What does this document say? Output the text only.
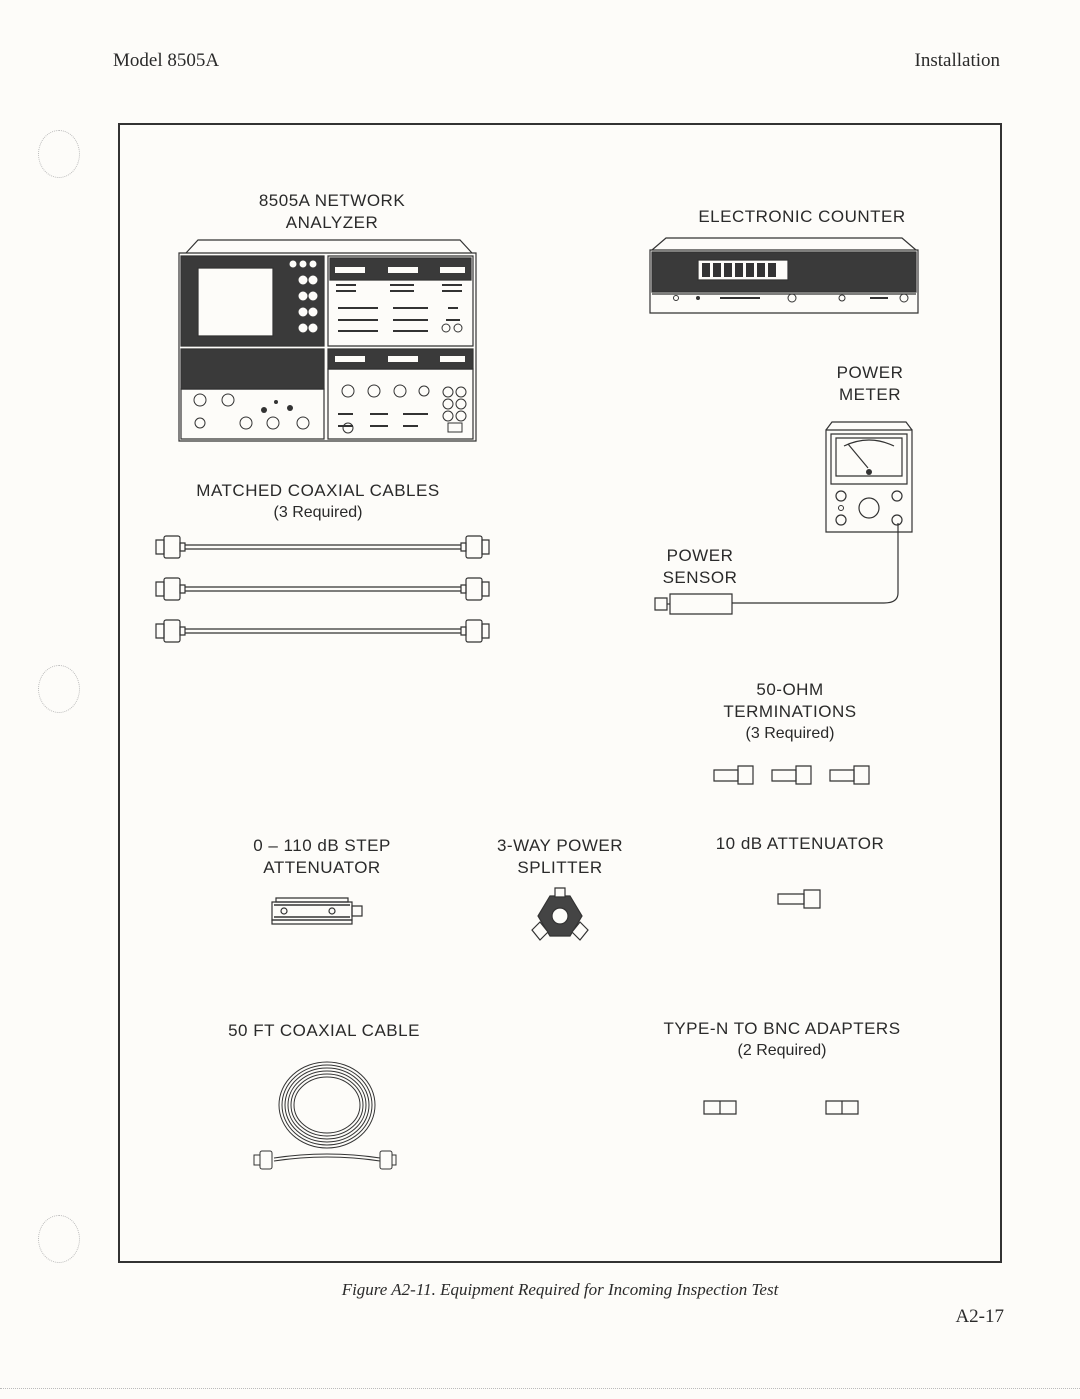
Model 8505A	Installation
8505A NETWORK
ANALYZER	ELECTRONIC COUNTER
POWER
METER
MATCHED COAXIAL CABLES
(3 Required)
POWER
SENSOR
50-OHM
TERMINATIONS
(3 Required)
0 – 110 dB STEP
ATTENUATOR
3-WAY POWER
SPLITTER
10 dB ATTENUATOR
50 FT COAXIAL CABLE	TYPE-N TO BNC ADAPTERS
(2 Required)
Figure A2-11. Equipment Required for Incoming Inspection Test
A2-17
